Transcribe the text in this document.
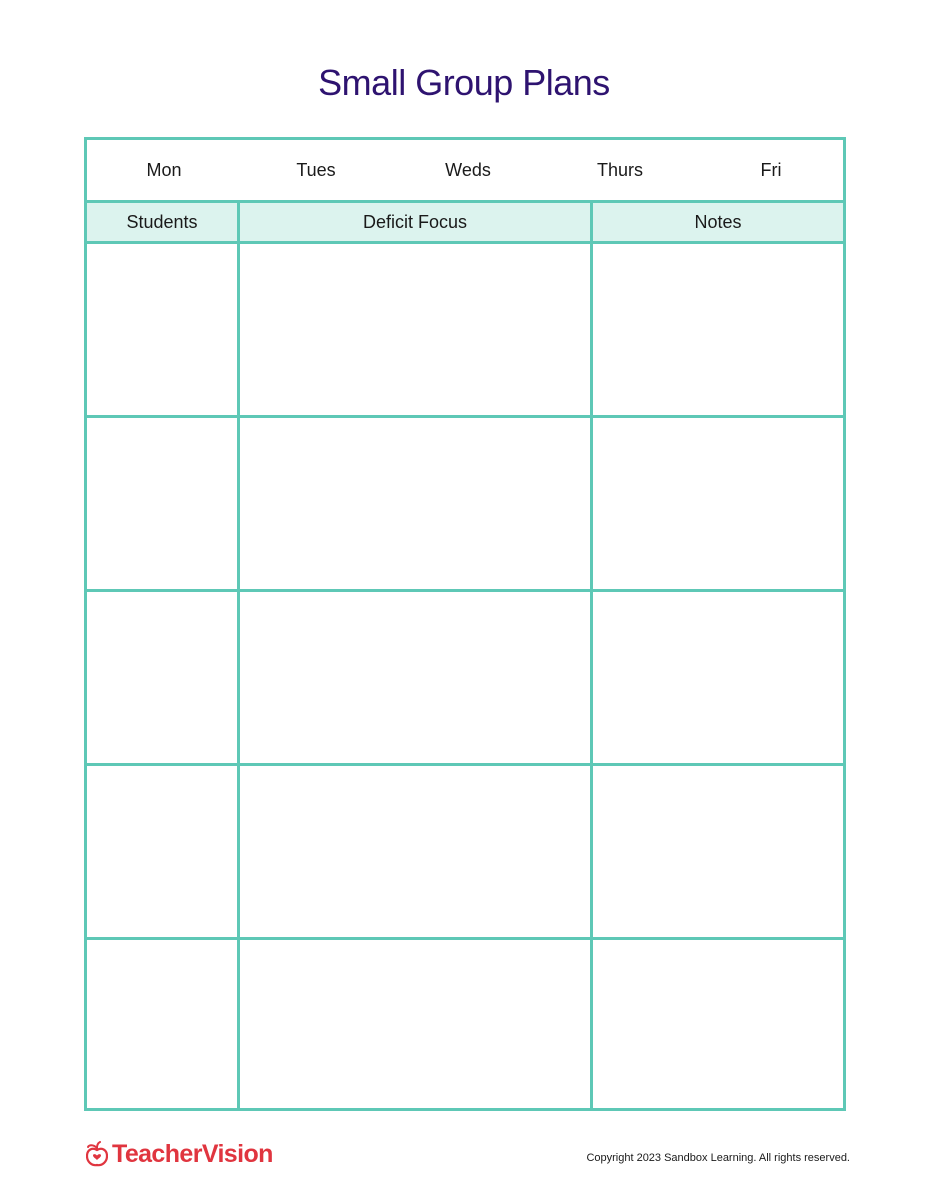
Small Group Plans
Mon	Tues	Weds	Thurs	Fri
Students	Deficit Focus	Notes
TeacherVision	Copyright 2023 Sandbox Learning. All rights reserved.
